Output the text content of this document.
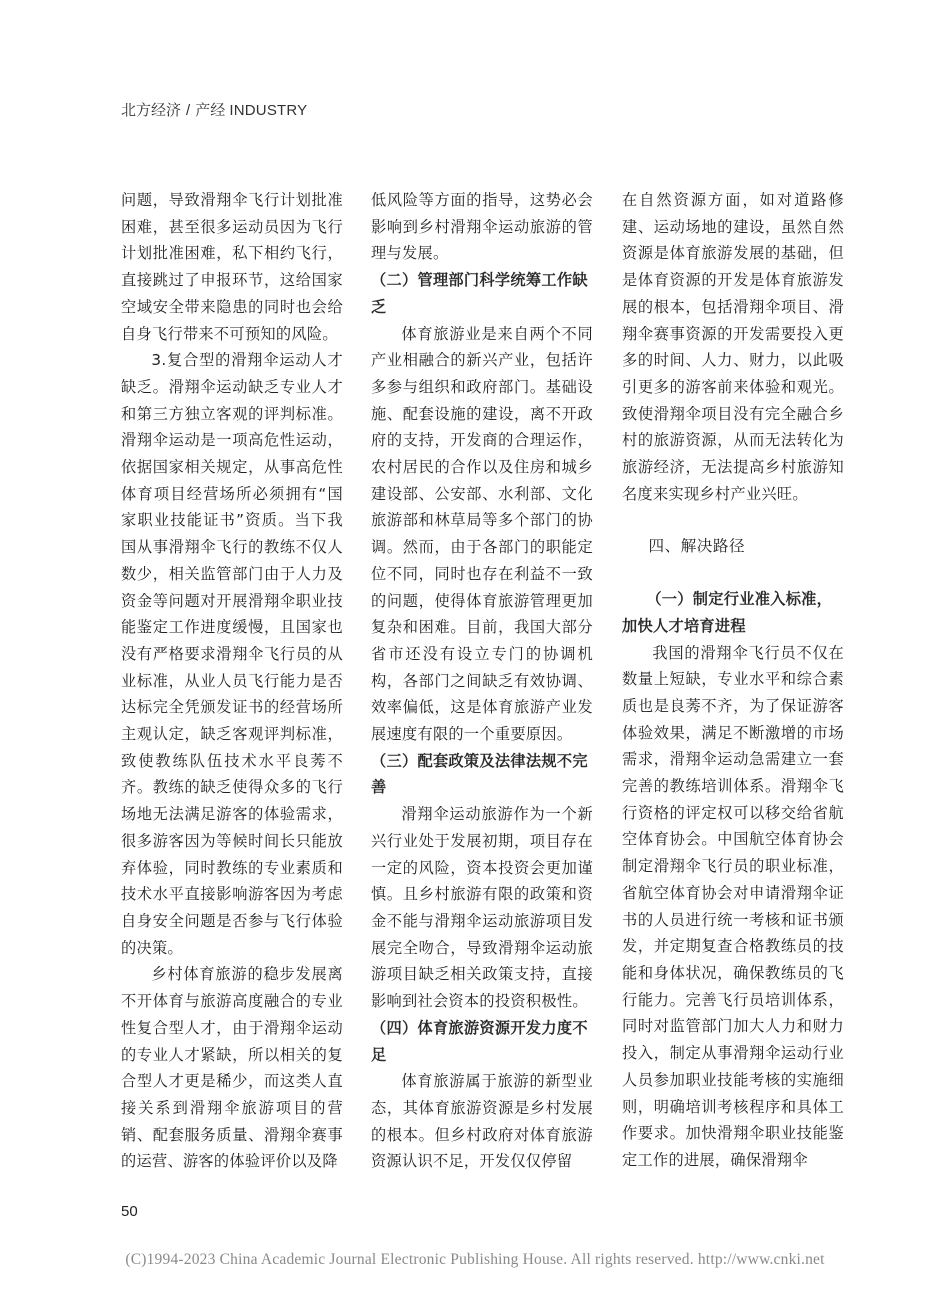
北方经济 / 产经 INDUSTRY

问题，导致滑翔伞飞行计划批准困难，甚至很多运动员因为飞行计划批准困难，私下相约飞行，直接跳过了申报环节，这给国家空域安全带来隐患的同时也会给自身飞行带来不可预知的风险。

3.复合型的滑翔伞运动人才缺乏。滑翔伞运动缺乏专业人才和第三方独立客观的评判标准。滑翔伞运动是一项高危性运动，依据国家相关规定，从事高危性体育项目经营场所必须拥有“国家职业技能证书”资质。当下我国从事滑翔伞飞行的教练不仅人数少，相关监管部门由于人力及资金等问题对开展滑翔伞职业技能鉴定工作进度缓慢，且国家也没有严格要求滑翔伞飞行员的从业标准，从业人员飞行能力是否达标完全凭颁发证书的经营场所主观认定，缺乏客观评判标准，致使教练队伍技术水平良莠不齐。教练的缺乏使得众多的飞行场地无法满足游客的体验需求，很多游客因为等候时间长只能放弃体验，同时教练的专业素质和技术水平直接影响游客因为考虑自身安全问题是否参与飞行体验的决策。

乡村体育旅游的稳步发展离不开体育与旅游高度融合的专业性复合型人才，由于滑翔伞运动的专业人才紧缺，所以相关的复合型人才更是稀少，而这类人直接关系到滑翔伞旅游项目的营销、配套服务质量、滑翔伞赛事的运营、游客的体验评价以及降

低风险等方面的指导，这势必会影响到乡村滑翔伞运动旅游的管理与发展。

（二）管理部门科学统筹工作缺乏

体育旅游业是来自两个不同产业相融合的新兴产业，包括许多参与组织和政府部门。基础设施、配套设施的建设，离不开政府的支持，开发商的合理运作，农村居民的合作以及住房和城乡建设部、公安部、水利部、文化旅游部和林草局等多个部门的协调。然而，由于各部门的职能定位不同，同时也存在利益不一致的问题，使得体育旅游管理更加复杂和困难。目前，我国大部分省市还没有设立专门的协调机构，各部门之间缺乏有效协调、效率偏低，这是体育旅游产业发展速度有限的一个重要原因。

（三）配套政策及法律法规不完善

滑翔伞运动旅游作为一个新兴行业处于发展初期，项目存在一定的风险，资本投资会更加谨慎。且乡村旅游有限的政策和资金不能与滑翔伞运动旅游项目发展完全吻合，导致滑翔伞运动旅游项目缺乏相关政策支持，直接影响到社会资本的投资积极性。

（四）体育旅游资源开发力度不足

体育旅游属于旅游的新型业态，其体育旅游资源是乡村发展的根本。但乡村政府对体育旅游资源认识不足，开发仅仅停留

在自然资源方面，如对道路修建、运动场地的建设，虽然自然资源是体育旅游发展的基础，但是体育资源的开发是体育旅游发展的根本，包括滑翔伞项目、滑翔伞赛事资源的开发需要投入更多的时间、人力、财力，以此吸引更多的游客前来体验和观光。致使滑翔伞项目没有完全融合乡村的旅游资源，从而无法转化为旅游经济，无法提高乡村旅游知名度来实现乡村产业兴旺。

四、解决路径

（一）制定行业准入标准，加快人才培育进程

我国的滑翔伞飞行员不仅在数量上短缺，专业水平和综合素质也是良莠不齐，为了保证游客体验效果，满足不断激增的市场需求，滑翔伞运动急需建立一套完善的教练培训体系。滑翔伞飞行资格的评定权可以移交给省航空体育协会。中国航空体育协会制定滑翔伞飞行员的职业标准，省航空体育协会对申请滑翔伞证书的人员进行统一考核和证书颁发，并定期复查合格教练员的技能和身体状况，确保教练员的飞行能力。完善飞行员培训体系，同时对监管部门加大人力和财力投入，制定从事滑翔伞运动行业人员参加职业技能考核的实施细则，明确培训考核程序和具体工作要求。加快滑翔伞职业技能鉴定工作的进展，确保滑翔伞

50
(C)1994-2023 China Academic Journal Electronic Publishing House. All rights reserved. http://www.cnki.net
